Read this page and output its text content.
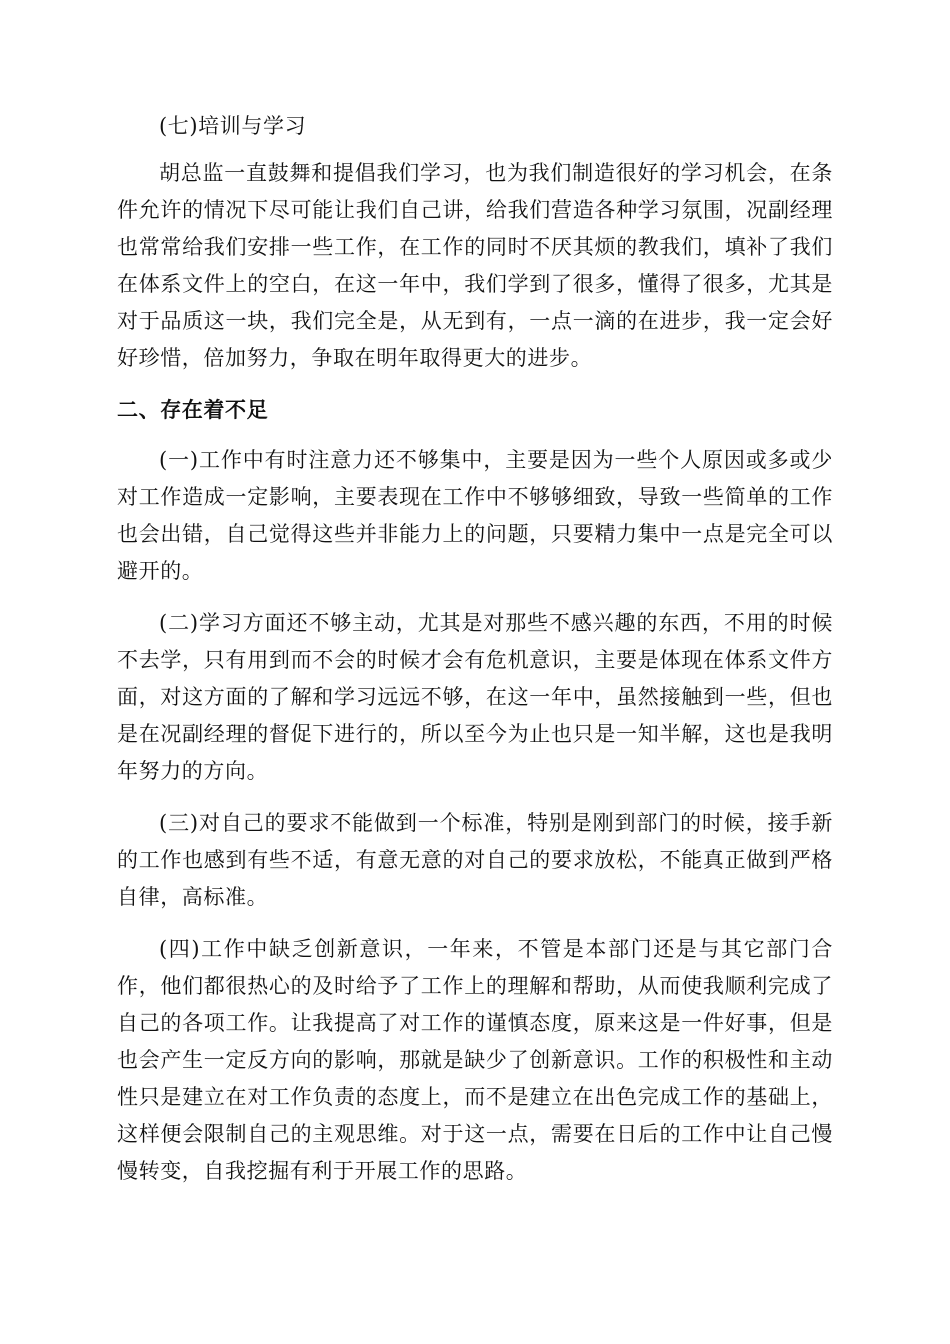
(七)培训与学习

胡总监一直鼓舞和提倡我们学习，也为我们制造很好的学习机会，在条件允许的情况下尽可能让我们自己讲，给我们营造各种学习氛围，况副经理也常常给我们安排一些工作，在工作的同时不厌其烦的教我们，填补了我们在体系文件上的空白，在这一年中，我们学到了很多，懂得了很多，尤其是对于品质这一块，我们完全是，从无到有，一点一滴的在进步，我一定会好好珍惜，倍加努力，争取在明年取得更大的进步。

二、存在着不足

(一)工作中有时注意力还不够集中，主要是因为一些个人原因或多或少对工作造成一定影响，主要表现在工作中不够够细致，导致一些简单的工作也会出错，自己觉得这些并非能力上的问题，只要精力集中一点是完全可以避开的。

(二)学习方面还不够主动，尤其是对那些不感兴趣的东西，不用的时候不去学，只有用到而不会的时候才会有危机意识，主要是体现在体系文件方面，对这方面的了解和学习远远不够，在这一年中，虽然接触到一些，但也是在况副经理的督促下进行的，所以至今为止也只是一知半解，这也是我明年努力的方向。

(三)对自己的要求不能做到一个标准，特别是刚到部门的时候，接手新的工作也感到有些不适，有意无意的对自己的要求放松，不能真正做到严格自律，高标准。

(四)工作中缺乏创新意识，一年来，不管是本部门还是与其它部门合作，他们都很热心的及时给予了工作上的理解和帮助，从而使我顺利完成了自己的各项工作。让我提高了对工作的谨慎态度，原来这是一件好事，但是也会产生一定反方向的影响，那就是缺少了创新意识。工作的积极性和主动性只是建立在对工作负责的态度上，而不是建立在出色完成工作的基础上，这样便会限制自己的主观思维。对于这一点，需要在日后的工作中让自己慢慢转变，自我挖掘有利于开展工作的思路。
